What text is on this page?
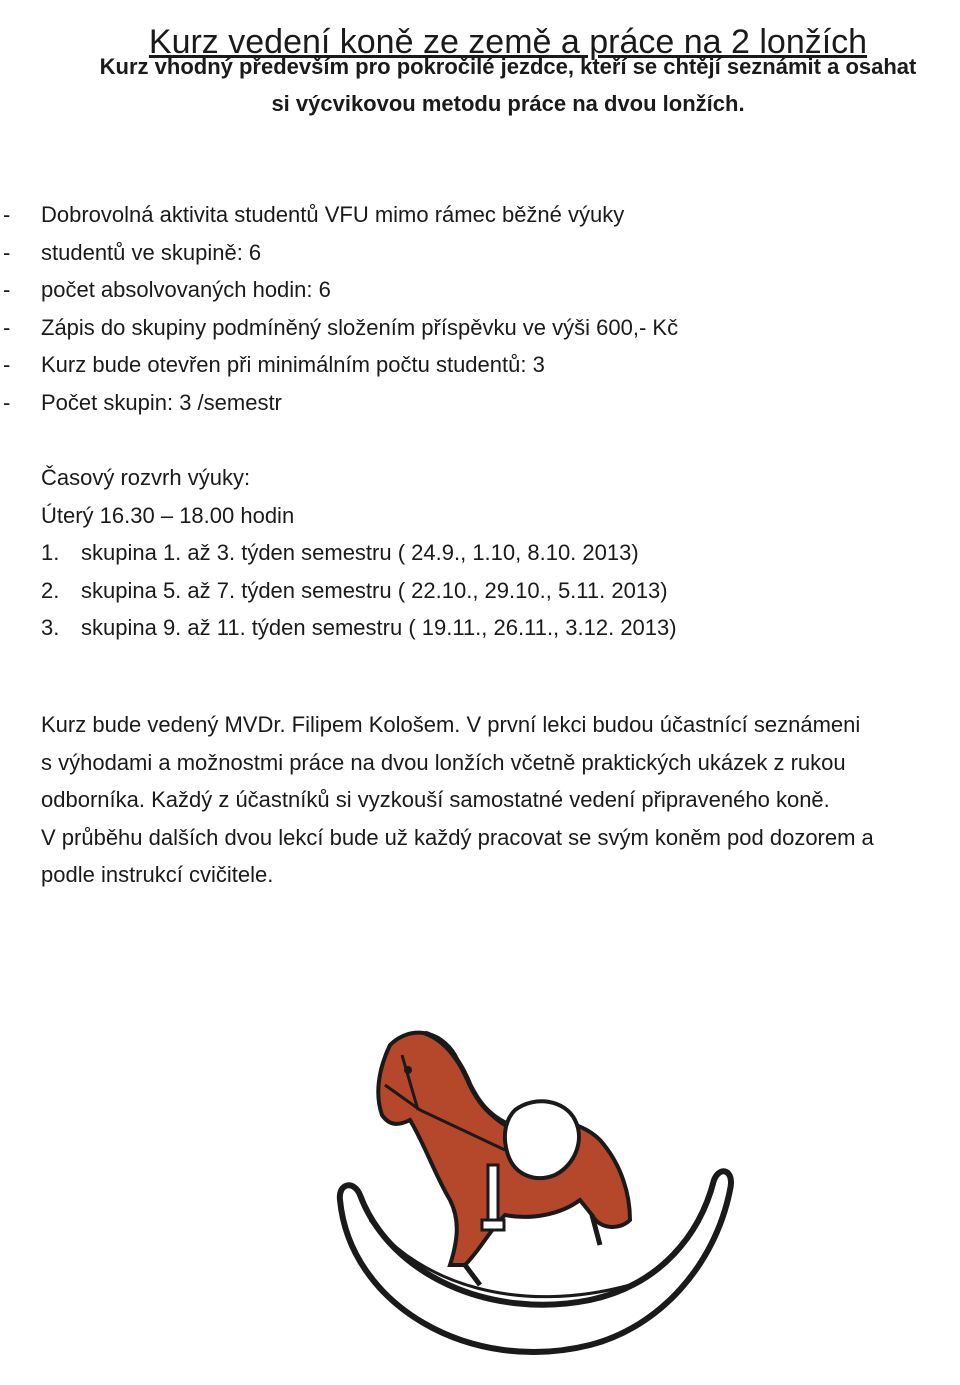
Kurz vedení koně ze země a práce na 2 lonžích
Kurz vhodný především pro pokročilé jezdce, kteří se chtějí seznámit a osahat
si výcvikovou metodu práce na dvou lonžích.
- Dobrovolná aktivita studentů VFU mimo rámec běžné výuky
- studentů ve skupině: 6
- počet absolvovaných hodin: 6
- Zápis do skupiny podmíněný složením příspěvku ve výši 600,- Kč
- Kurz bude otevřen při minimálním počtu studentů: 3
- Počet skupin: 3 /semestr
Časový rozvrh výuky:
Úterý 16.30 – 18.00 hodin
1. skupina 1. až 3. týden semestru ( 24.9., 1.10, 8.10. 2013)
2. skupina 5. až 7. týden semestru ( 22.10., 29.10., 5.11. 2013)
3. skupina 9. až 11. týden semestru ( 19.11., 26.11., 3.12. 2013)
Kurz bude vedený MVDr. Filipem Kološem. V první lekci budou účastnící seznámeni
s výhodami a možnostmi práce na dvou lonžích včetně praktických ukázek z rukou
odborníka. Každý z účastníků si vyzkouší samostatné vedení připraveného koně.
V průběhu dalších dvou lekcí bude už každý pracovat se svým koněm pod dozorem a
podle instrukcí cvičitele.
